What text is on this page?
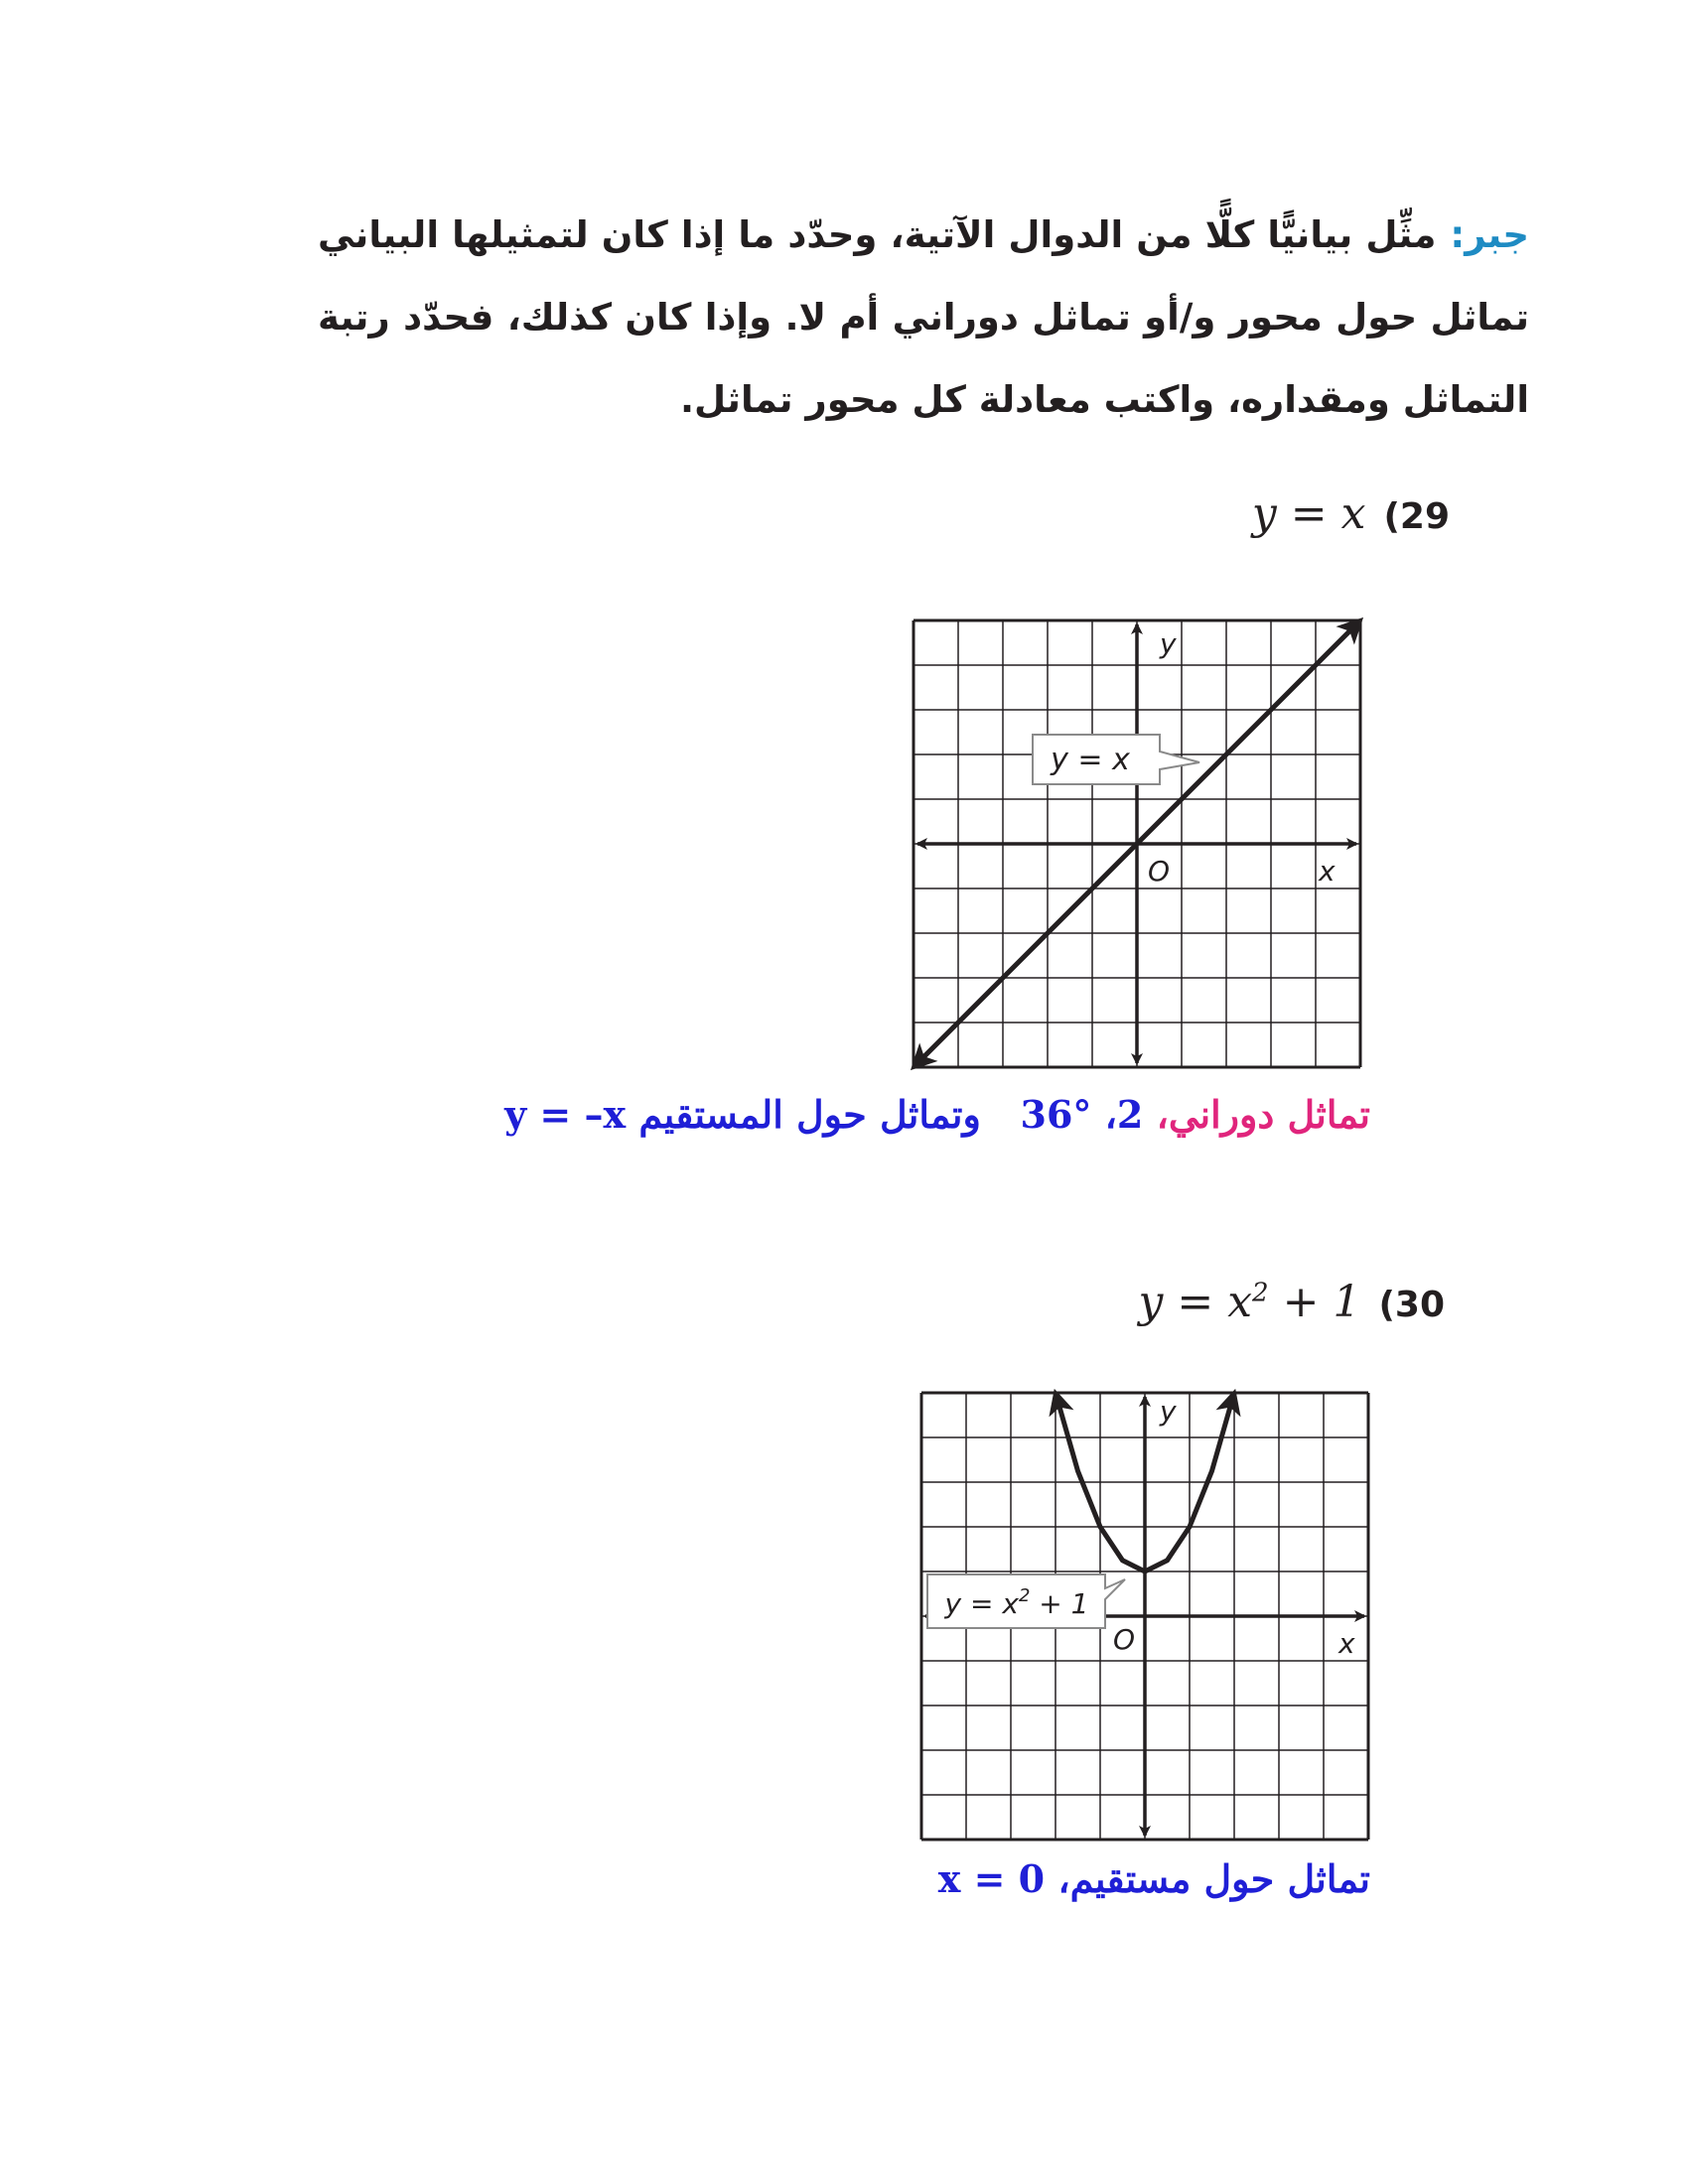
جبر:مثِّل بيانيًّا كلًّا من الدوال الآتية، وحدّد ما إذا كان لتمثيلها البياني تماثل حول محور و/أو تماثل دوراني أم لا. وإذا كان كذلك، فحدّد رتبة التماثل ومقداره، واكتب معادلة كل محور تماثل.
y = x (29
y = x
y
x
O
تماثل دوراني، 2، 36°   وتماثل حول المستقيم y = –x
$y = x^2 + 1$ (30
$y = x^2 + 1$
y
x
O
تماثل حول مستقيم، x = 0
